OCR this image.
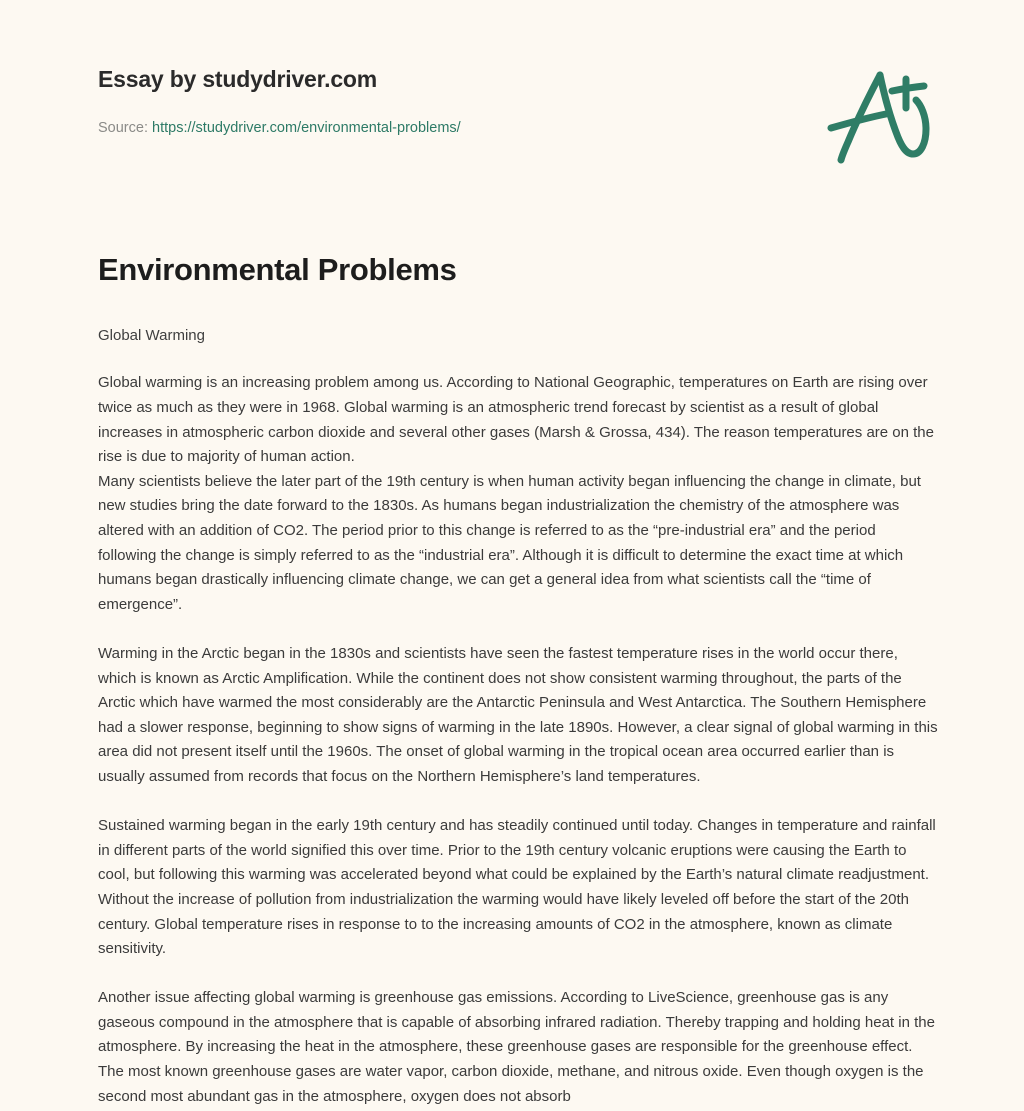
Essay by studydriver.com
Source: https://studydriver.com/environmental-problems/
Environmental Problems
Global Warming

Global warming is an increasing problem among us. According to National Geographic, temperatures on Earth are rising over twice as much as they were in 1968. Global warming is an atmospheric trend forecast by scientist as a result of global increases in atmospheric carbon dioxide and several other gases (Marsh & Grossa, 434). The reason temperatures are on the rise is due to majority of human action.

Many scientists believe the later part of the 19th century is when human activity began influencing the change in climate, but new studies bring the date forward to the 1830s. As humans began industrialization the chemistry of the atmosphere was altered with an addition of CO2. The period prior to this change is referred to as the “pre-industrial era” and the period following the change is simply referred to as the “industrial era”. Although it is difficult to determine the exact time at which humans began drastically influencing climate change, we can get a general idea from what scientists call the “time of emergence”.

Warming in the Arctic began in the 1830s and scientists have seen the fastest temperature rises in the world occur there, which is known as Arctic Amplification. While the continent does not show consistent warming throughout, the parts of the Arctic which have warmed the most considerably are the Antarctic Peninsula and West Antarctica. The Southern Hemisphere had a slower response, beginning to show signs of warming in the late 1890s. However, a clear signal of global warming in this area did not present itself until the 1960s. The onset of global warming in the tropical ocean area occurred earlier than is usually assumed from records that focus on the Northern Hemisphere’s land temperatures.

Sustained warming began in the early 19th century and has steadily continued until today. Changes in temperature and rainfall in different parts of the world signified this over time. Prior to the 19th century volcanic eruptions were causing the Earth to cool, but following this warming was accelerated beyond what could be explained by the Earth’s natural climate readjustment. Without the increase of pollution from industrialization the warming would have likely leveled off before the start of the 20th century. Global temperature rises in response to to the increasing amounts of CO2 in the atmosphere, known as climate sensitivity.

Another issue affecting global warming is greenhouse gas emissions. According to LiveScience, greenhouse gas is any gaseous compound in the atmosphere that is capable of absorbing infrared radiation. Thereby trapping and holding heat in the atmosphere. By increasing the heat in the atmosphere, these greenhouse gases are responsible for the greenhouse effect. The most known greenhouse gases are water vapor, carbon dioxide, methane, and nitrous oxide. Even though oxygen is the second most abundant gas in the atmosphere, oxygen does not absorb
